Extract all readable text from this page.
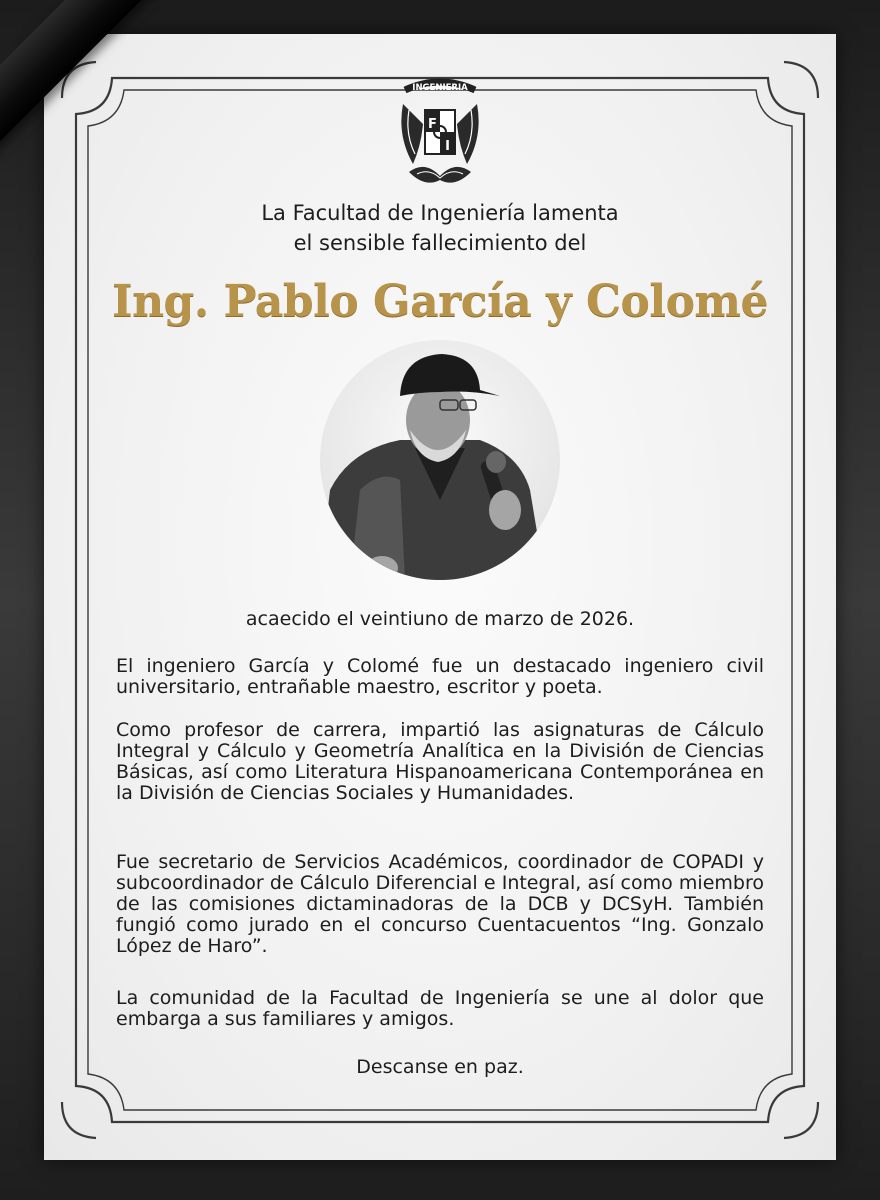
INGENIERIA
F
I
La Facultad de Ingeniería lamenta
el sensible fallecimiento del
Ing. Pablo García y Colomé
acaecido el veintiuno de marzo de 2026.
El ingeniero García y Colomé fue un destacado ingeniero civil universitario, entrañable maestro, escritor y poeta.
Como profesor de carrera, impartió las asignaturas de Cálculo Integral y Cálculo y Geometría Analítica en la División de Ciencias Básicas, así como Literatura Hispanoamericana Contemporánea en la División de Ciencias Sociales y Humanidades.
Fue secretario de Servicios Académicos, coordinador de COPADI y subcoordinador de Cálculo Diferencial e Integral, así como miembro de las comisiones dictaminadoras de la DCB y DCSyH. También fungió como jurado en el concurso Cuentacuentos “Ing. Gonzalo López de Haro”.
La comunidad de la Facultad de Ingeniería se une al dolor que embarga a sus familiares y amigos.
Descanse en paz.
